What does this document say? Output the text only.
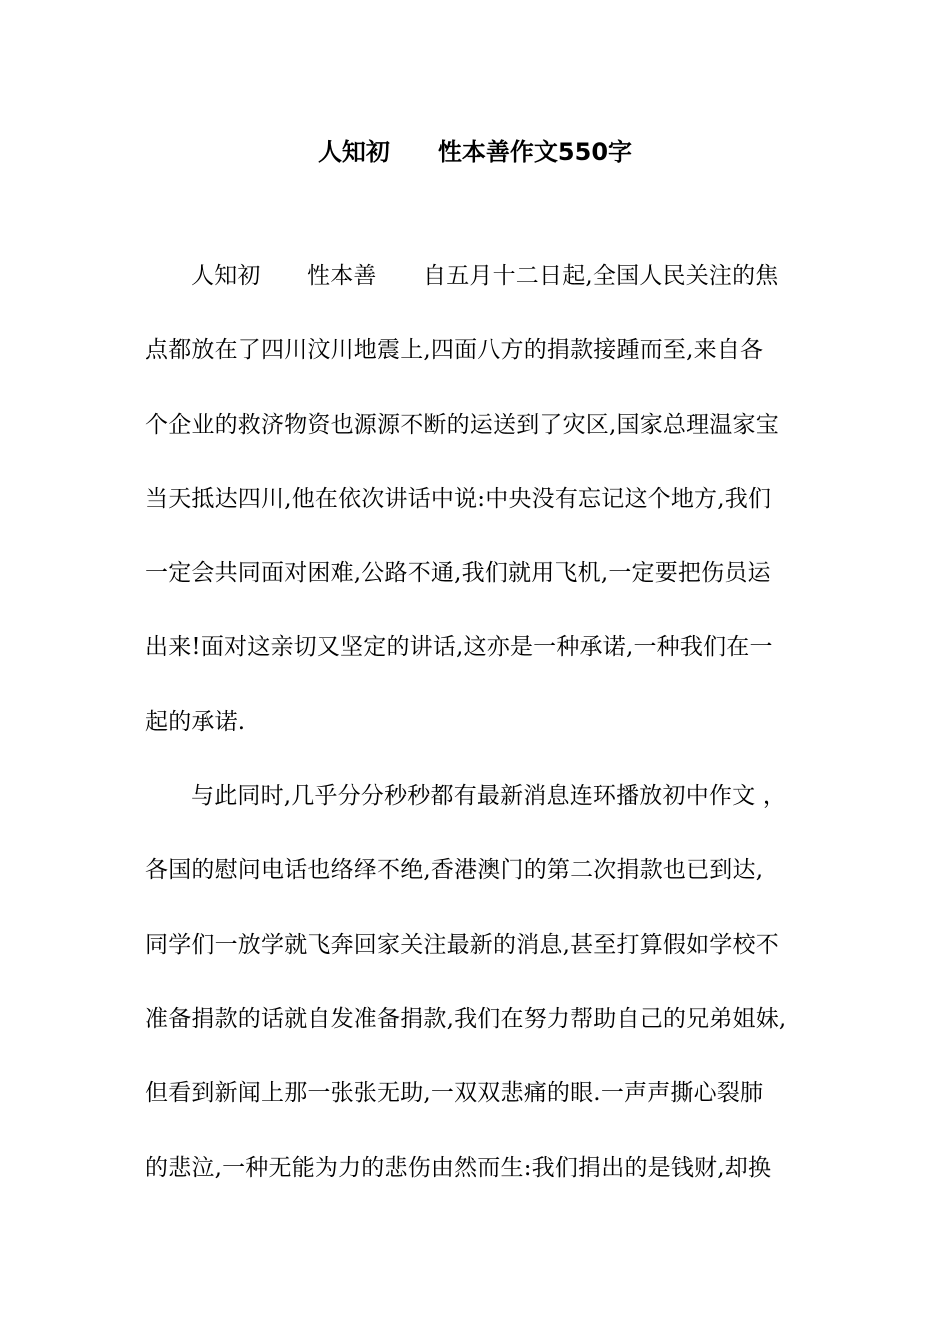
人知初　　性本善作文550字
人知初　　性本善　　自五月十二日起,全国人民关注的焦
点都放在了四川汶川地震上,四面八方的捐款接踵而至,来自各
个企业的救济物资也源源不断的运送到了灾区,国家总理温家宝
当天抵达四川,他在依次讲话中说:中央没有忘记这个地方,我们
一定会共同面对困难,公路不通,我们就用飞机,一定要把伤员运
出来!面对这亲切又坚定的讲话,这亦是一种承诺,一种我们在一
起的承诺.
与此同时,几乎分分秒秒都有最新消息连环播放初中作文 ，
各国的慰问电话也络绎不绝,香港澳门的第二次捐款也已到达,
同学们一放学就飞奔回家关注最新的消息,甚至打算假如学校不
准备捐款的话就自发准备捐款,我们在努力帮助自己的兄弟姐妹,
但看到新闻上那一张张无助,一双双悲痛的眼.一声声撕心裂肺
的悲泣,一种无能为力的悲伤由然而生:我们捐出的是钱财,却换
